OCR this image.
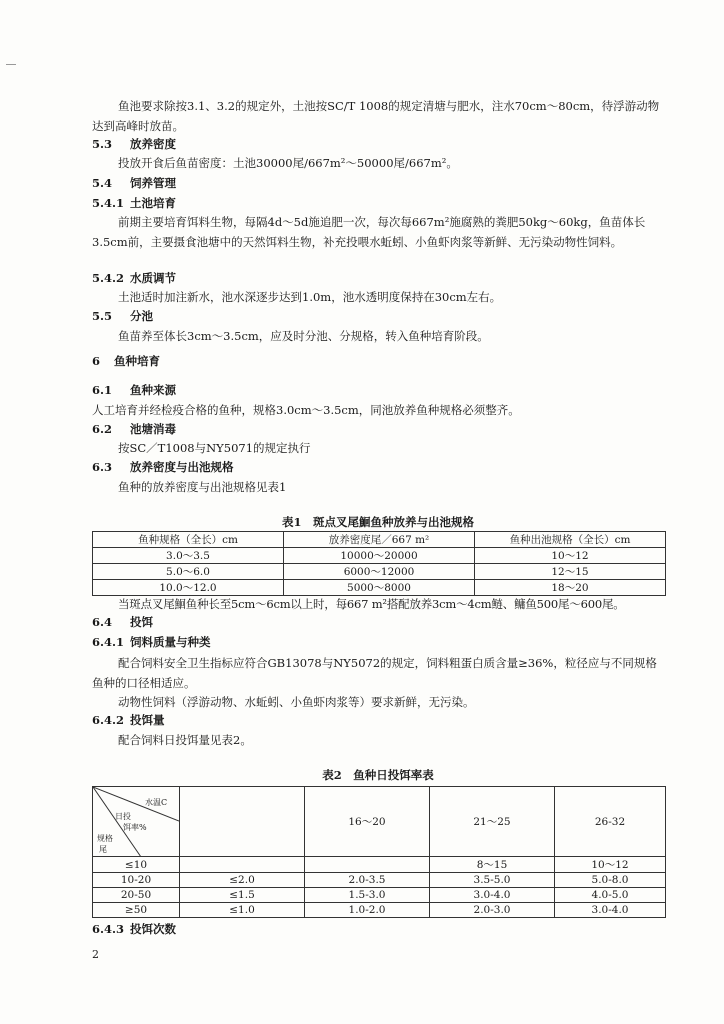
鱼池要求除按3.1、3.2的规定外，土池按SC/T 1008的规定清塘与肥水，注水70cm～80cm，待浮游动物达到高峰时放苗。
5.3 放养密度
投放开食后鱼苗密度：土池30000尾/667m²～50000尾/667m²。
5.4 饲养管理
5.4.1 土池培育
前期主要培育饵料生物，每隔4d～5d施追肥一次，每次每667m²施腐熟的粪肥50kg～60kg，鱼苗体长3.5cm前，主要摄食池塘中的天然饵料生物，补充投喂水蚯蚓、小鱼虾肉浆等新鲜、无污染动物性饲料。
5.4.2 水质调节
土池适时加注新水，池水深逐步达到1.0m，池水透明度保持在30cm左右。
5.5 分池
鱼苗养至体长3cm～3.5cm，应及时分池、分规格，转入鱼种培育阶段。
6 鱼种培育
6.1 鱼种来源
人工培育并经检疫合格的鱼种，规格3.0cm～3.5cm，同池放养鱼种规格必须整齐。
6.2 池塘消毒
按SC／T1008与NY5071的规定执行
6.3 放养密度与出池规格
鱼种的放养密度与出池规格见表1
表1　斑点叉尾鮰鱼种放养与出池规格
鱼种规格（全长）cm	放养密度尾／667 m²	鱼种出池规格（全长）cm
3.0～3.5	10000～20000	10～12
5.0～6.0	6000～12000	12～15
10.0～12.0	5000～8000	18～20
当斑点叉尾鮰鱼种长至5cm～6cm以上时，每667 m²搭配放养3cm～4cm鲢、鳙鱼500尾～600尾。
6.4 投饵
6.4.1 饲料质量与种类
配合饲料安全卫生指标应符合GB13078与NY5072的规定，饲料粗蛋白质含量≥36%，粒径应与不同规格鱼种的口径相适应。
动物性饲料（浮游动物、水蚯蚓、小鱼虾肉浆等）要求新鲜，无污染。
6.4.2 投饵量
配合饲料日投饵量见表2。
表2　鱼种日投饵率表
水温C
日投
饵率%
规格
尾		16～20	21～25	26-32
≤10			8～15	10～12
10-20	≤2.0	2.0-3.5	3.5-5.0	5.0-8.0
20-50	≤1.5	1.5-3.0	3.0-4.0	4.0-5.0
≥50	≤1.0	1.0-2.0	2.0-3.0	3.0-4.0
6.4.3 投饵次数
2
